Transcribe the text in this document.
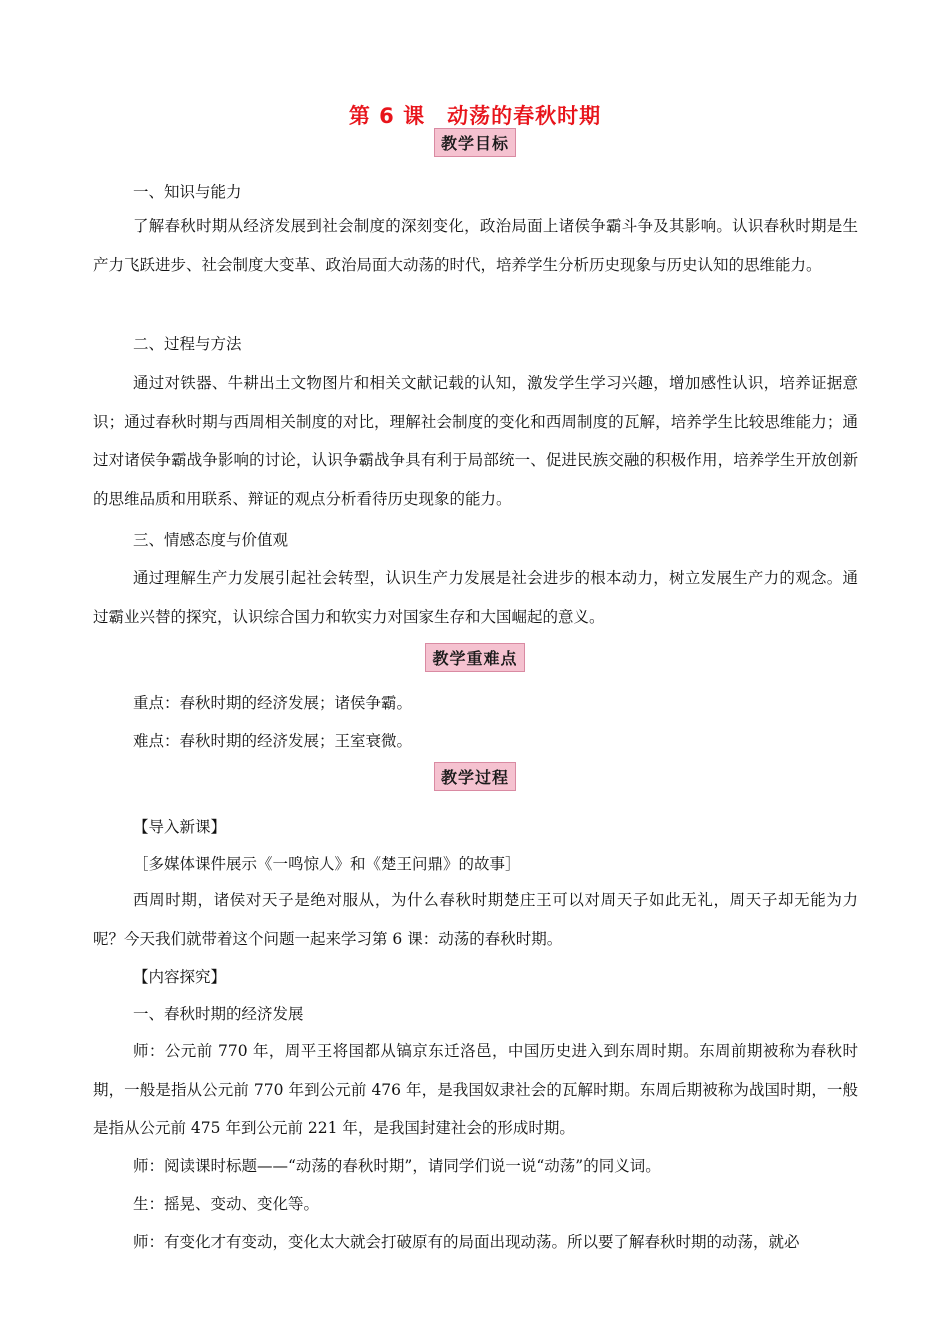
第 6 课　动荡的春秋时期
教学目标
一、知识与能力
了解春秋时期从经济发展到社会制度的深刻变化，政治局面上诸侯争霸斗争及其影响。认识春秋时期是生产力飞跃进步、社会制度大变革、政治局面大动荡的时代，培养学生分析历史现象与历史认知的思维能力。
二、过程与方法
通过对铁器、牛耕出土文物图片和相关文献记载的认知，激发学生学习兴趣，增加感性认识，培养证据意识；通过春秋时期与西周相关制度的对比，理解社会制度的变化和西周制度的瓦解，培养学生比较思维能力；通过对诸侯争霸战争影响的讨论，认识争霸战争具有利于局部统一、促进民族交融的积极作用，培养学生开放创新的思维品质和用联系、辩证的观点分析看待历史现象的能力。
三、情感态度与价值观
通过理解生产力发展引起社会转型，认识生产力发展是社会进步的根本动力，树立发展生产力的观念。通过霸业兴替的探究，认识综合国力和软实力对国家生存和大国崛起的意义。
教学重难点
重点：春秋时期的经济发展；诸侯争霸。
难点：春秋时期的经济发展；王室衰微。
教学过程
【导入新课】
［多媒体课件展示《一鸣惊人》和《楚王问鼎》的故事］
西周时期，诸侯对天子是绝对服从，为什么春秋时期楚庄王可以对周天子如此无礼，周天子却无能为力呢？今天我们就带着这个问题一起来学习第 6 课：动荡的春秋时期。
【内容探究】
一、春秋时期的经济发展
师：公元前 770 年，周平王将国都从镐京东迁洛邑，中国历史进入到东周时期。东周前期被称为春秋时期，一般是指从公元前 770 年到公元前 476 年，是我国奴隶社会的瓦解时期。东周后期被称为战国时期，一般是指从公元前 475 年到公元前 221 年，是我国封建社会的形成时期。
师：阅读课时标题——“动荡的春秋时期”，请同学们说一说“动荡”的同义词。
生：摇晃、变动、变化等。
师：有变化才有变动，变化太大就会打破原有的局面出现动荡。所以要了解春秋时期的动荡，就必
